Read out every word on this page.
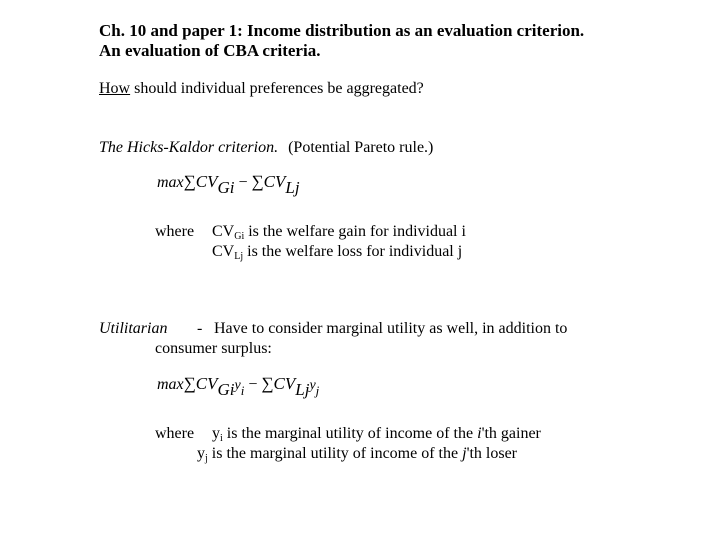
Ch. 10 and paper 1: Income distribution as an evaluation criterion.
An evaluation of CBA criteria.
How should individual preferences be aggregated?
The Hicks-Kaldor criterion. (Potential Pareto rule.)
$\max\sum CV_{Gi} - \sum CV_{Lj}$
where $CV_{Gi}$ is the welfare gain for individual i
$CV_{Lj}$ is the welfare loss for individual j
Utilitarian - Have to consider marginal utility as well, in addition to
consumer surplus:
$\max\sum CV_{Gi}y_i - \sum CV_{Lj}y_j$
where $y_i$ is the marginal utility of income of the i'th gainer
$y_j$ is the marginal utility of income of the j'th loser
